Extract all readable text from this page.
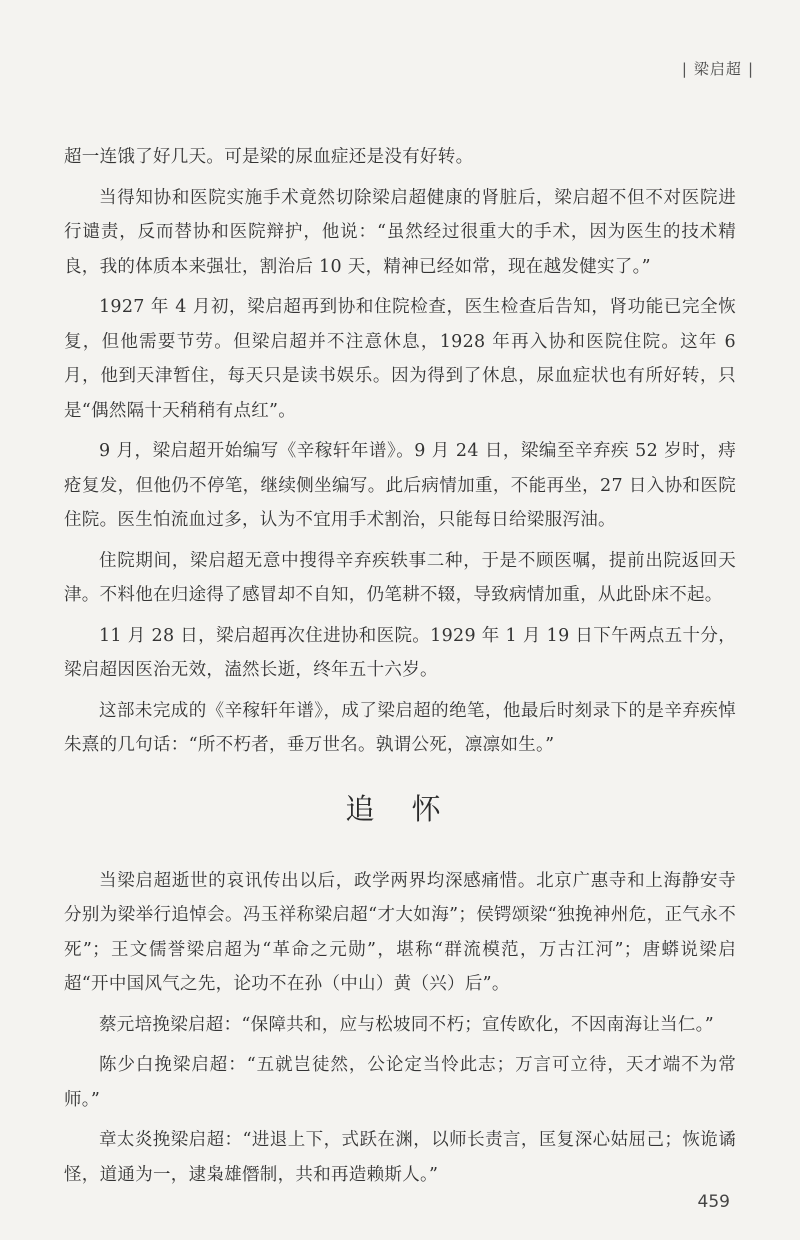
| 梁启超 |

超一连饿了好几天。可是梁的尿血症还是没有好转。

当得知协和医院实施手术竟然切除梁启超健康的肾脏后，梁启超不但不对医院进行谴责，反而替协和医院辩护，他说：“虽然经过很重大的手术，因为医生的技术精良，我的体质本来强壮，割治后 10 天，精神已经如常，现在越发健实了。”

1927 年 4 月初，梁启超再到协和住院检查，医生检查后告知，肾功能已完全恢复，但他需要节劳。但梁启超并不注意休息，1928 年再入协和医院住院。这年 6 月，他到天津暂住，每天只是读书娱乐。因为得到了休息，尿血症状也有所好转，只是“偶然隔十天稍稍有点红”。

9 月，梁启超开始编写《辛稼轩年谱》。9 月 24 日，梁编至辛弃疾 52 岁时，痔疮复发，但他仍不停笔，继续侧坐编写。此后病情加重，不能再坐，27 日入协和医院住院。医生怕流血过多，认为不宜用手术割治，只能每日给梁服泻油。

住院期间，梁启超无意中搜得辛弃疾轶事二种，于是不顾医嘱，提前出院返回天津。不料他在归途得了感冒却不自知，仍笔耕不辍，导致病情加重，从此卧床不起。

11 月 28 日，梁启超再次住进协和医院。1929 年 1 月 19 日下午两点五十分，梁启超因医治无效，溘然长逝，终年五十六岁。

这部未完成的《辛稼轩年谱》，成了梁启超的绝笔，他最后时刻录下的是辛弃疾悼朱熹的几句话：“所不朽者，垂万世名。孰谓公死，凛凛如生。”

追 怀

当梁启超逝世的哀讯传出以后，政学两界均深感痛惜。北京广惠寺和上海静安寺分别为梁举行追悼会。冯玉祥称梁启超“才大如海”；侯锷颂梁“独挽神州危，正气永不死”；王文儒誉梁启超为“革命之元勋”，堪称“群流模范，万古江河”；唐蟒说梁启超“开中国风气之先，论功不在孙（中山）黄（兴）后”。

蔡元培挽梁启超：“保障共和，应与松坡同不朽；宣传欧化，不因南海让当仁。”

陈少白挽梁启超：“五就岂徒然，公论定当怜此志；万言可立待，天才端不为常师。”

章太炎挽梁启超：“进退上下，式跃在渊，以师长责言，匡复深心姑屈己；恢诡谲怪，道通为一，逮枭雄僭制，共和再造赖斯人。”

459
